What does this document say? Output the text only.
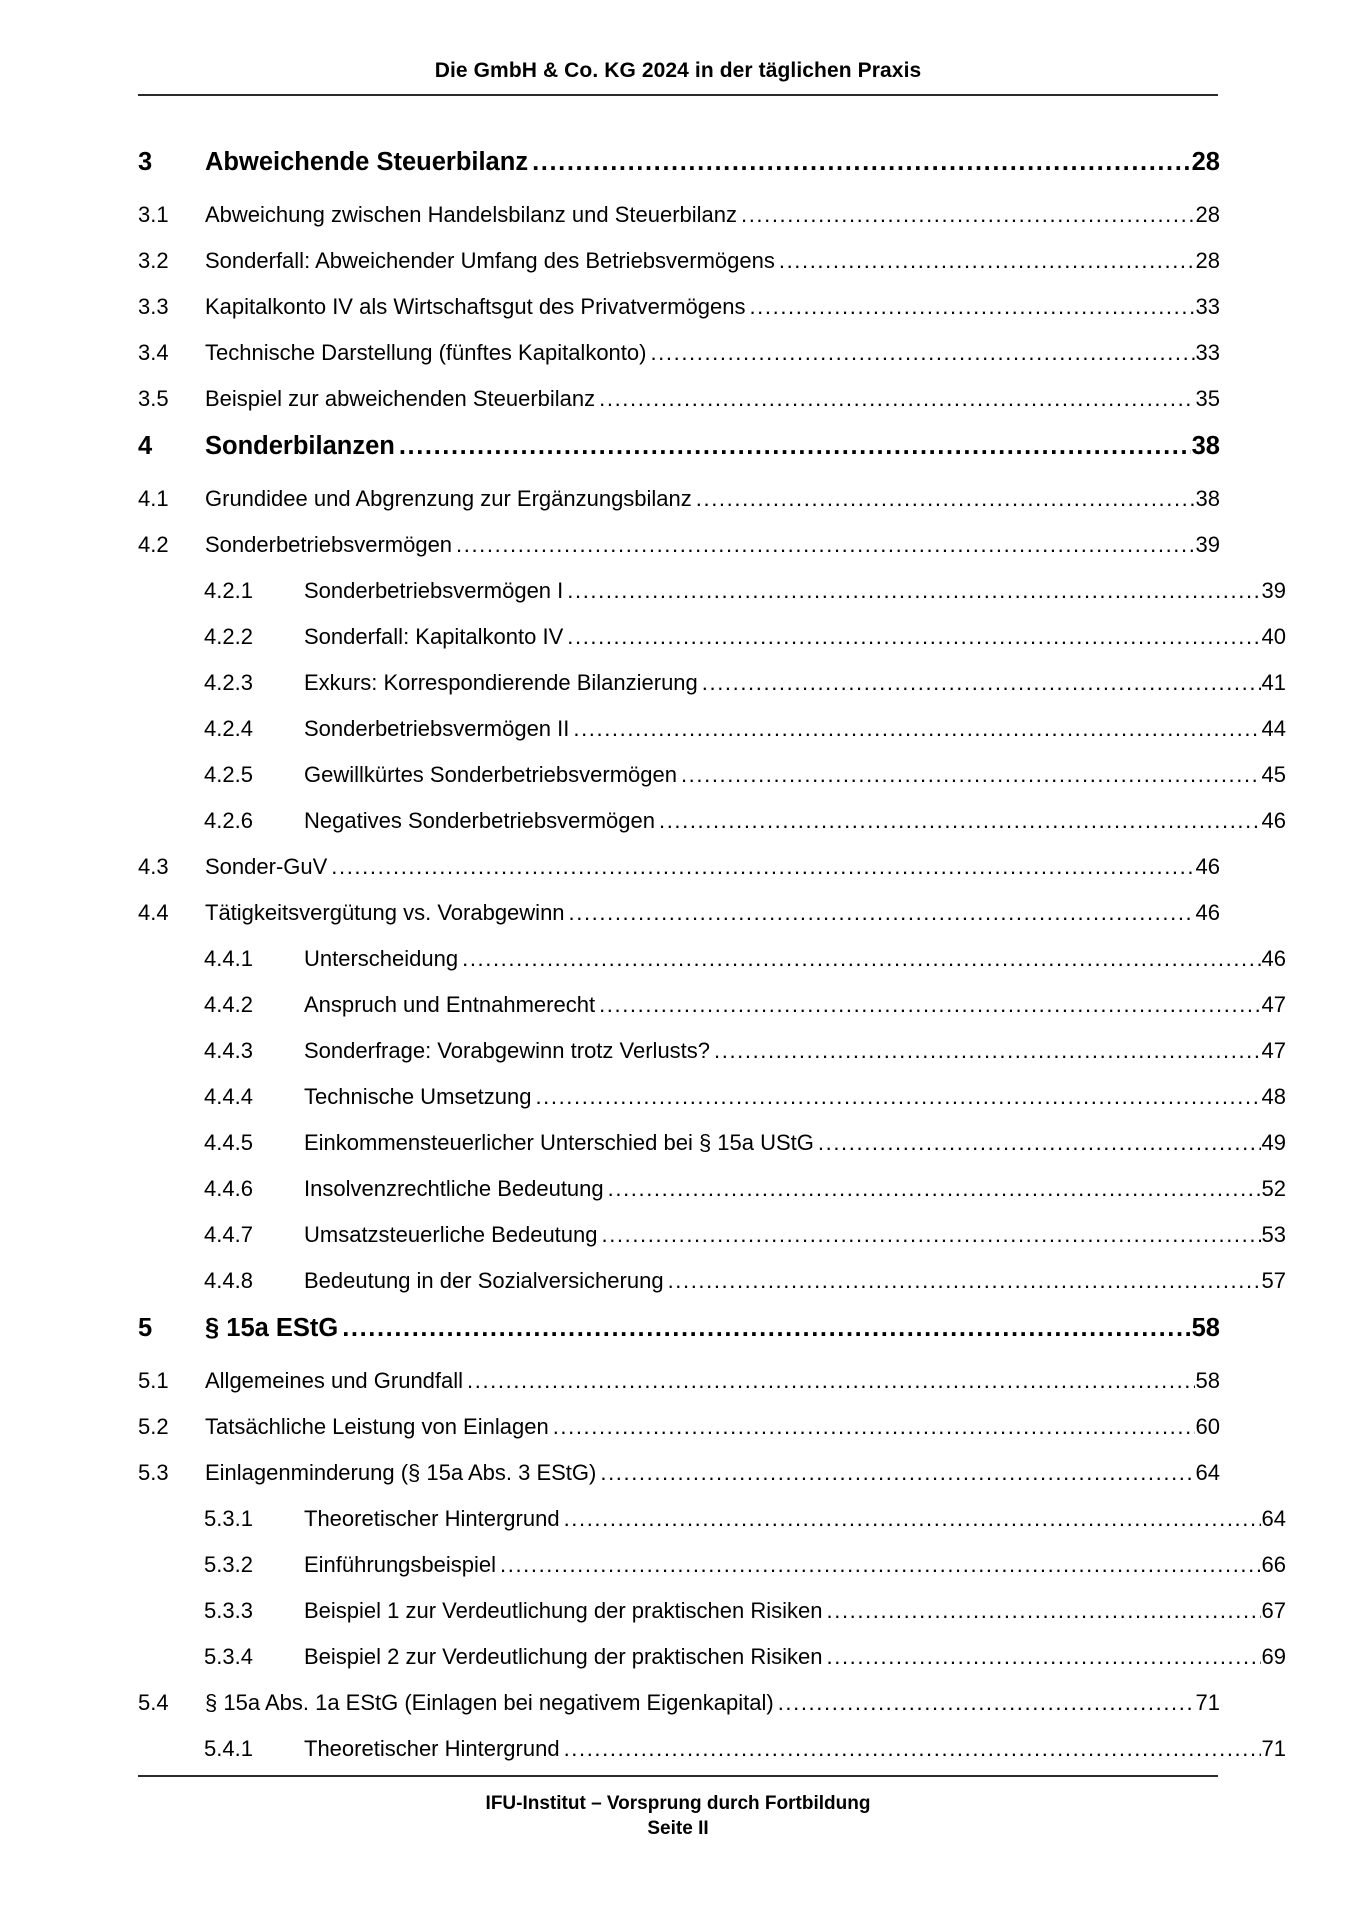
Die GmbH & Co. KG 2024 in der täglichen Praxis
3	Abweichende Steuerbilanz .....	28
3.1	Abweichung zwischen Handelsbilanz und Steuerbilanz .....	28
3.2	Sonderfall: Abweichender Umfang des Betriebsvermögens .....	28
3.3	Kapitalkonto IV als Wirtschaftsgut des Privatvermögens .....	33
3.4	Technische Darstellung (fünftes Kapitalkonto) .....	33
3.5	Beispiel zur abweichenden Steuerbilanz .....	35
4	Sonderbilanzen .....	38
4.1	Grundidee und Abgrenzung zur Ergänzungsbilanz .....	38
4.2	Sonderbetriebsvermögen .....	39
4.2.1	Sonderbetriebsvermögen I .....	39
4.2.2	Sonderfall: Kapitalkonto IV .....	40
4.2.3	Exkurs: Korrespondierende Bilanzierung .....	41
4.2.4	Sonderbetriebsvermögen II .....	44
4.2.5	Gewillkürtes Sonderbetriebsvermögen .....	45
4.2.6	Negatives Sonderbetriebsvermögen .....	46
4.3	Sonder-GuV .....	46
4.4	Tätigkeitsvergütung vs. Vorabgewinn .....	46
4.4.1	Unterscheidung .....	46
4.4.2	Anspruch und Entnahmerecht .....	47
4.4.3	Sonderfrage: Vorabgewinn trotz Verlusts? .....	47
4.4.4	Technische Umsetzung .....	48
4.4.5	Einkommensteuerlicher Unterschied bei § 15a UStG .....	49
4.4.6	Insolvenzrechtliche Bedeutung .....	52
4.4.7	Umsatzsteuerliche Bedeutung .....	53
4.4.8	Bedeutung in der Sozialversicherung .....	57
5	§ 15a EStG .....	58
5.1	Allgemeines und Grundfall .....	58
5.2	Tatsächliche Leistung von Einlagen .....	60
5.3	Einlagenminderung (§ 15a Abs. 3 EStG) .....	64
5.3.1	Theoretischer Hintergrund .....	64
5.3.2	Einführungsbeispiel .....	66
5.3.3	Beispiel 1 zur Verdeutlichung der praktischen Risiken .....	67
5.3.4	Beispiel 2 zur Verdeutlichung der praktischen Risiken .....	69
5.4	§ 15a Abs. 1a EStG (Einlagen bei negativem Eigenkapital) .....	71
5.4.1	Theoretischer Hintergrund .....	71
IFU-Institut – Vorsprung durch Fortbildung
Seite II
